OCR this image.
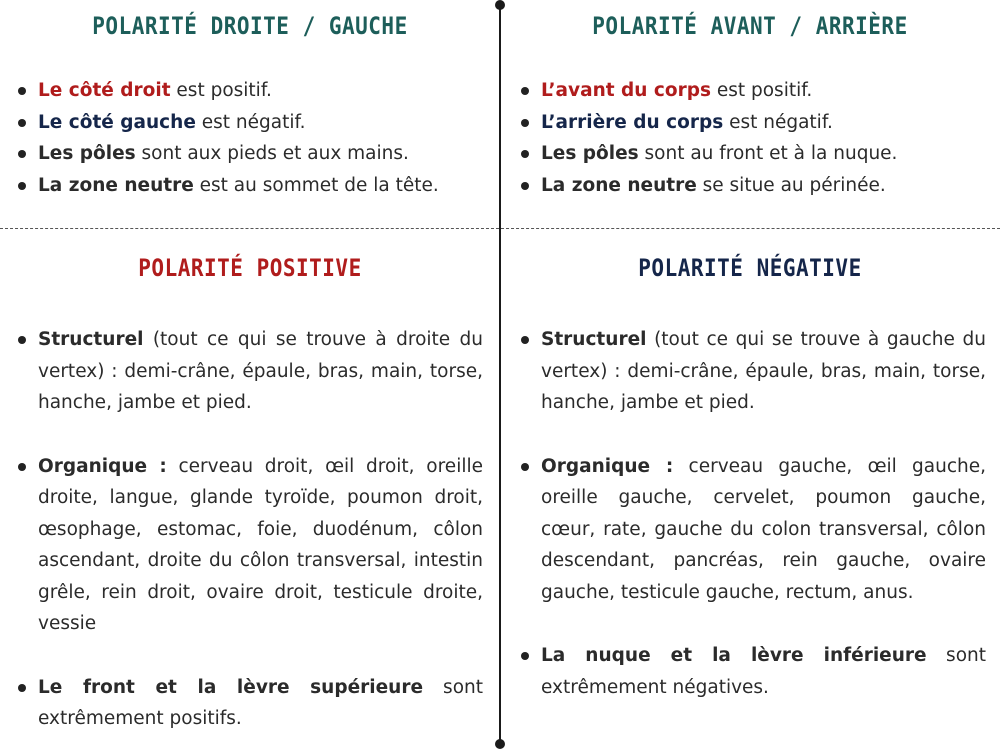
POLARITÉ DROITE / GAUCHE
Le côté droit est positif.
Le côté gauche est négatif.
Les pôles sont aux pieds et aux mains.
La zone neutre est au sommet de la tête.
POLARITÉ AVANT / ARRIÈRE
L’avant du corps est positif.
L’arrière du corps est négatif.
Les pôles sont au front et à la nuque.
La zone neutre se situe au périnée.
POLARITÉ POSITIVE
Structurel (tout ce qui se trouve à droite du vertex) : demi-crâne, épaule, bras, main, torse, hanche, jambe et pied.
Organique : cerveau droit, œil droit, oreille droite, langue, glande tyroïde, poumon droit, œsophage, estomac, foie, duodénum, côlon ascendant, droite du côlon transversal, intestin grêle, rein droit, ovaire droit, testicule droite, vessie
Le front et la lèvre supérieure sont extrêmement positifs.
POLARITÉ NÉGATIVE
Structurel (tout ce qui se trouve à gauche du vertex) : demi-crâne, épaule, bras, main, torse, hanche, jambe et pied.
Organique : cerveau gauche, œil gauche, oreille gauche, cervelet, poumon gauche, cœur, rate, gauche du colon transversal, côlon descendant, pancréas, rein gauche, ovaire gauche, testicule gauche, rectum, anus.
La nuque et la lèvre inférieure sont extrêmement négatives.
